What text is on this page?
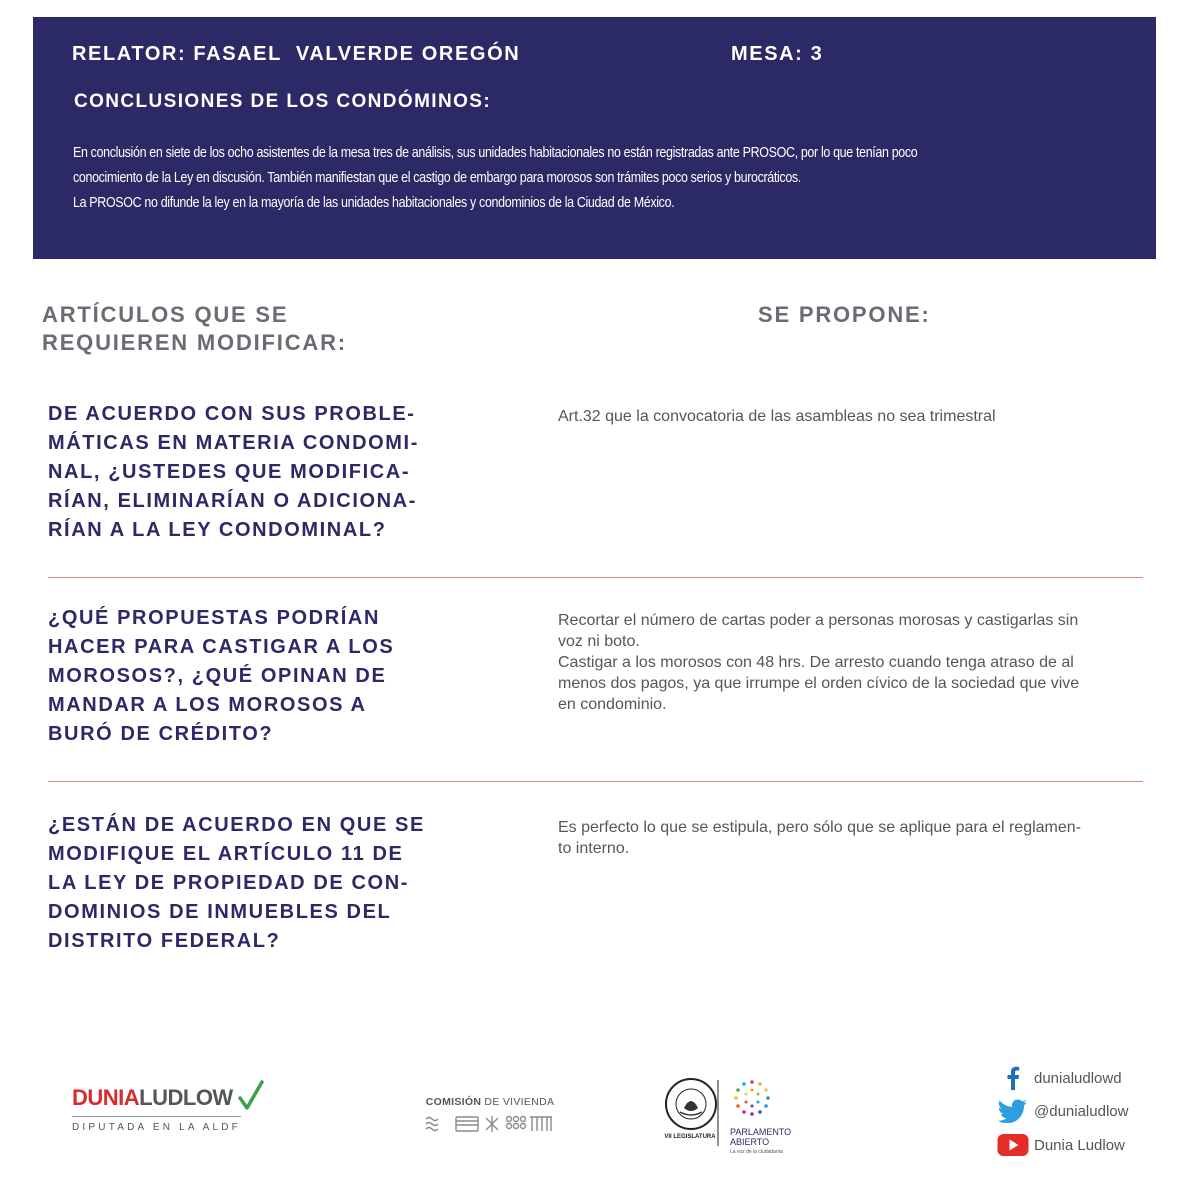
RELATOR: FASAEL  VALVERDE OREGÓN	MESA: 3
CONCLUSIONES DE LOS CONDÓMINOS:
En conclusión en siete de los ocho asistentes de la mesa tres de análisis, sus unidades habitacionales no están registradas ante PROSOC, por lo que tenían poco
conocimiento de la Ley en discusión. También manifiestan que el castigo de embargo para morosos son trámites poco serios y burocráticos.
La PROSOC no difunde la ley en la mayoría de las unidades habitacionales y condominios de la Ciudad de México.
ARTÍCULOS QUE SE
REQUIEREN MODIFICAR:
SE PROPONE:
DE ACUERDO CON SUS PROBLE-
MÁTICAS EN MATERIA CONDOMI-
NAL, ¿USTEDES QUE MODIFICA-
RÍAN, ELIMINARÍAN O ADICIONA-
RÍAN A LA LEY CONDOMINAL?
Art.32 que la convocatoria de las asambleas no sea trimestral
¿QUÉ PROPUESTAS PODRÍAN
HACER PARA CASTIGAR A LOS
MOROSOS?, ¿QUÉ OPINAN DE
MANDAR A LOS MOROSOS A
BURÓ DE CRÉDITO?
Recortar el número de cartas poder a personas morosas y castigarlas sin
voz ni boto.
Castigar a los morosos con 48 hrs. De arresto cuando tenga atraso de al
menos dos pagos, ya que irrumpe el orden cívico de la sociedad que vive
en condominio.
¿ESTÁN DE ACUERDO EN QUE SE
MODIFIQUE EL ARTÍCULO 11 DE
LA LEY DE PROPIEDAD DE CON-
DOMINIOS DE INMUEBLES DEL
DISTRITO FEDERAL?
Es perfecto lo que se estipula, pero sólo que se aplique para el reglamen-
to interno.
DUNIALUDLOW
DIPUTADA EN LA ALDF
COMISIÓN DE VIVIENDA
VII LEGISLATURA PARLAMENTO
ABIERTO
La voz de la ciudadanía
dunialudlowd
@dunialudlow
Dunia Ludlow
